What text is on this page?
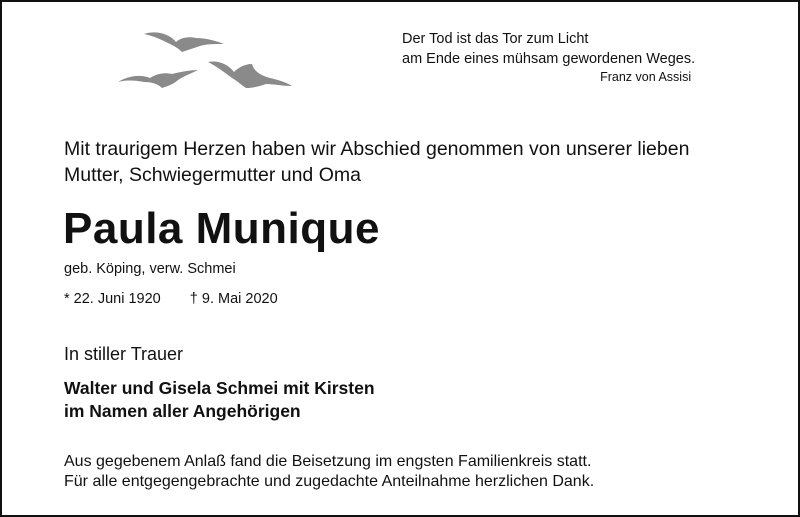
Der Tod ist das Tor zum Licht
am Ende eines mühsam gewordenen Weges.
Franz von Assisi
Mit traurigem Herzen haben wir Abschied genommen von unserer lieben
Mutter, Schwiegermutter und Oma
Paula Munique
geb. Köping, verw. Schmei
* 22. Juni 1920 † 9. Mai 2020
In stiller Trauer
Walter und Gisela Schmei mit Kirsten
im Namen aller Angehörigen
Aus gegebenem Anlaß fand die Beisetzung im engsten Familienkreis statt.
Für alle entgegengebrachte und zugedachte Anteilnahme herzlichen Dank.
